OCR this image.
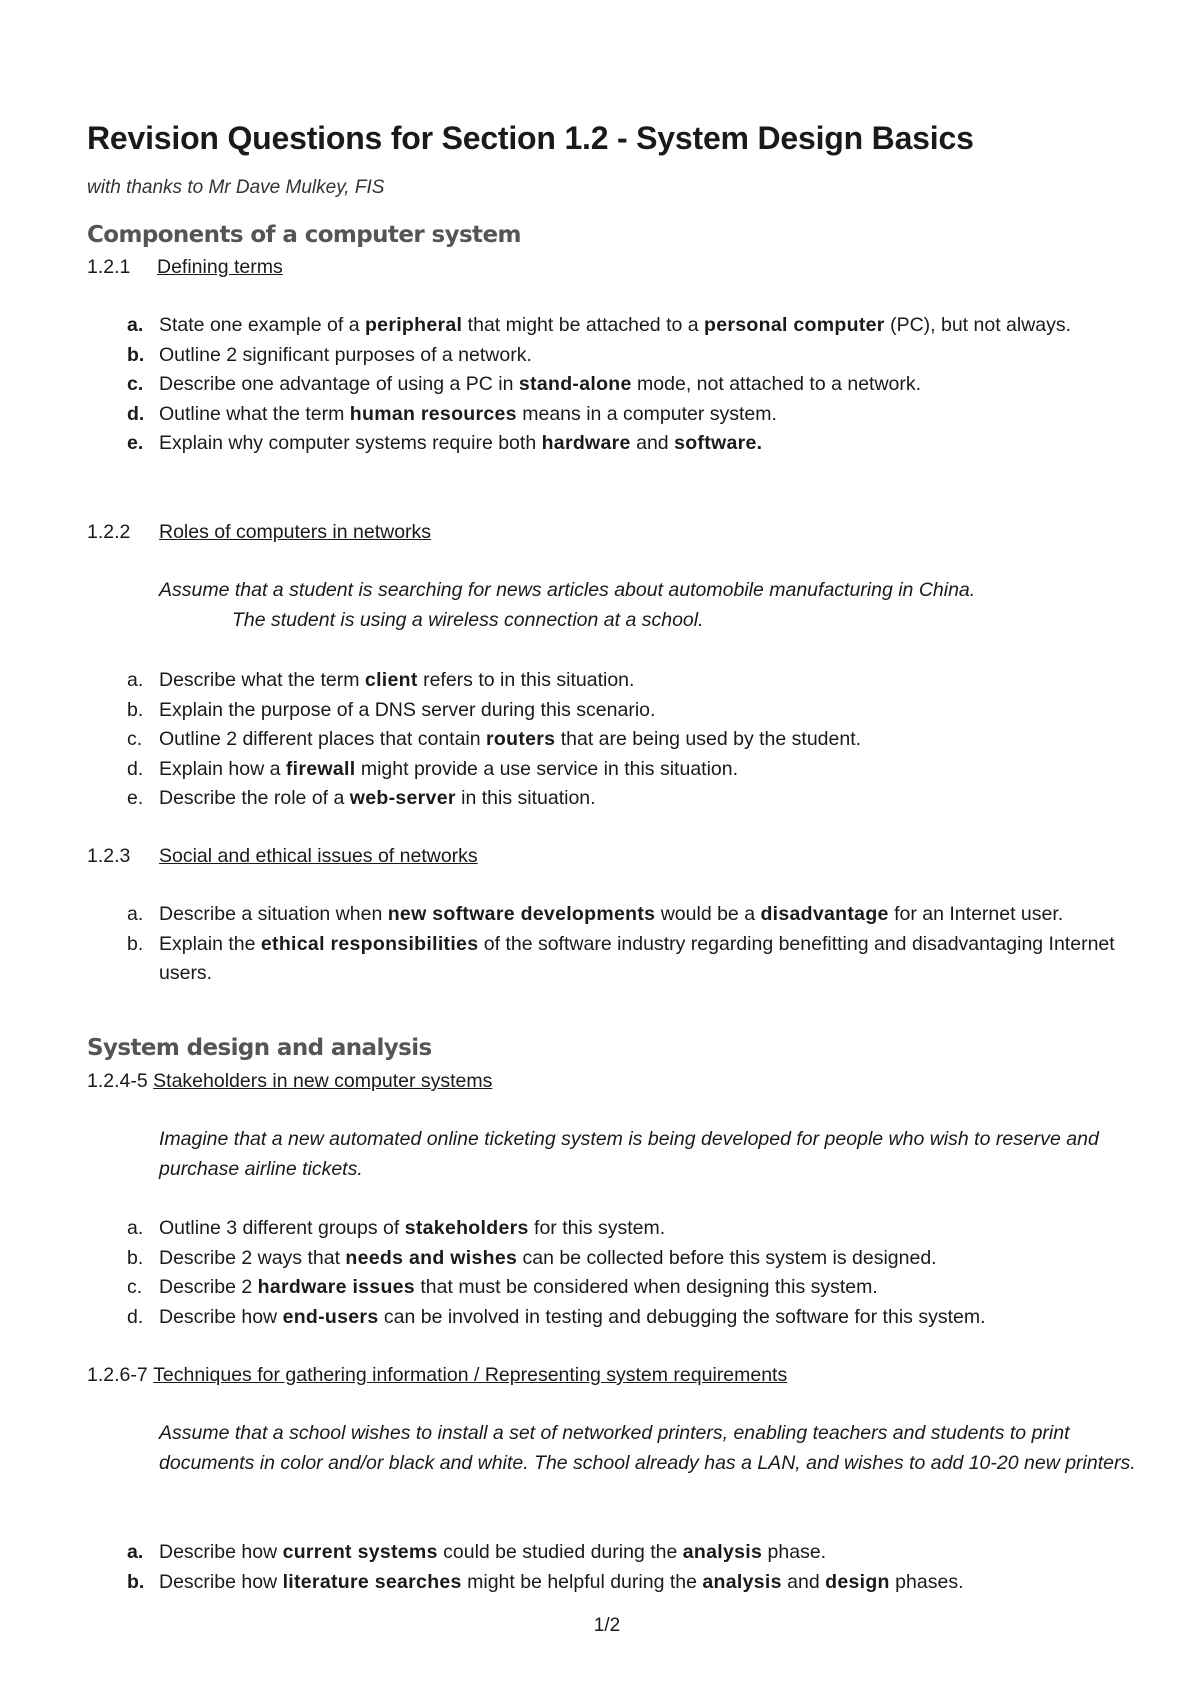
Revision Questions for Section 1.2 - System Design Basics
with thanks to Mr Dave Mulkey, FIS
Components of a computer system
1.2.1 Defining terms
a. State one example of a peripheral that might be attached to a personal computer (PC), but not always.
b. Outline 2 significant purposes of a network.
c. Describe one advantage of using a PC in stand-alone mode, not attached to a network.
d. Outline what the term human resources means in a computer system.
e. Explain why computer systems require both hardware and software.
1.2.2 Roles of computers in networks
Assume that a student is searching for news articles about automobile manufacturing in China.
The student is using a wireless connection at a school.
a. Describe what the term client refers to in this situation.
b. Explain the purpose of a DNS server during this scenario.
c. Outline 2 different places that contain routers that are being used by the student.
d. Explain how a firewall might provide a use service in this situation.
e. Describe the role of a web-server in this situation.
1.2.3 Social and ethical issues of networks
a. Describe a situation when new software developments would be a disadvantage for an Internet user.
b. Explain the ethical responsibilities of the software industry regarding benefitting and disadvantaging Internet users.
System design and analysis
1.2.4-5 Stakeholders in new computer systems
Imagine that a new automated online ticketing system is being developed for people who wish to reserve and purchase airline tickets.
a. Outline 3 different groups of stakeholders for this system.
b. Describe 2 ways that needs and wishes can be collected before this system is designed.
c. Describe 2 hardware issues that must be considered when designing this system.
d. Describe how end-users can be involved in testing and debugging the software for this system.
1.2.6-7 Techniques for gathering information / Representing system requirements
Assume that a school wishes to install a set of networked printers, enabling teachers and students to print documents in color and/or black and white. The school already has a LAN, and wishes to add 10-20 new printers.
a. Describe how current systems could be studied during the analysis phase.
b. Describe how literature searches might be helpful during the analysis and design phases.
1/2
